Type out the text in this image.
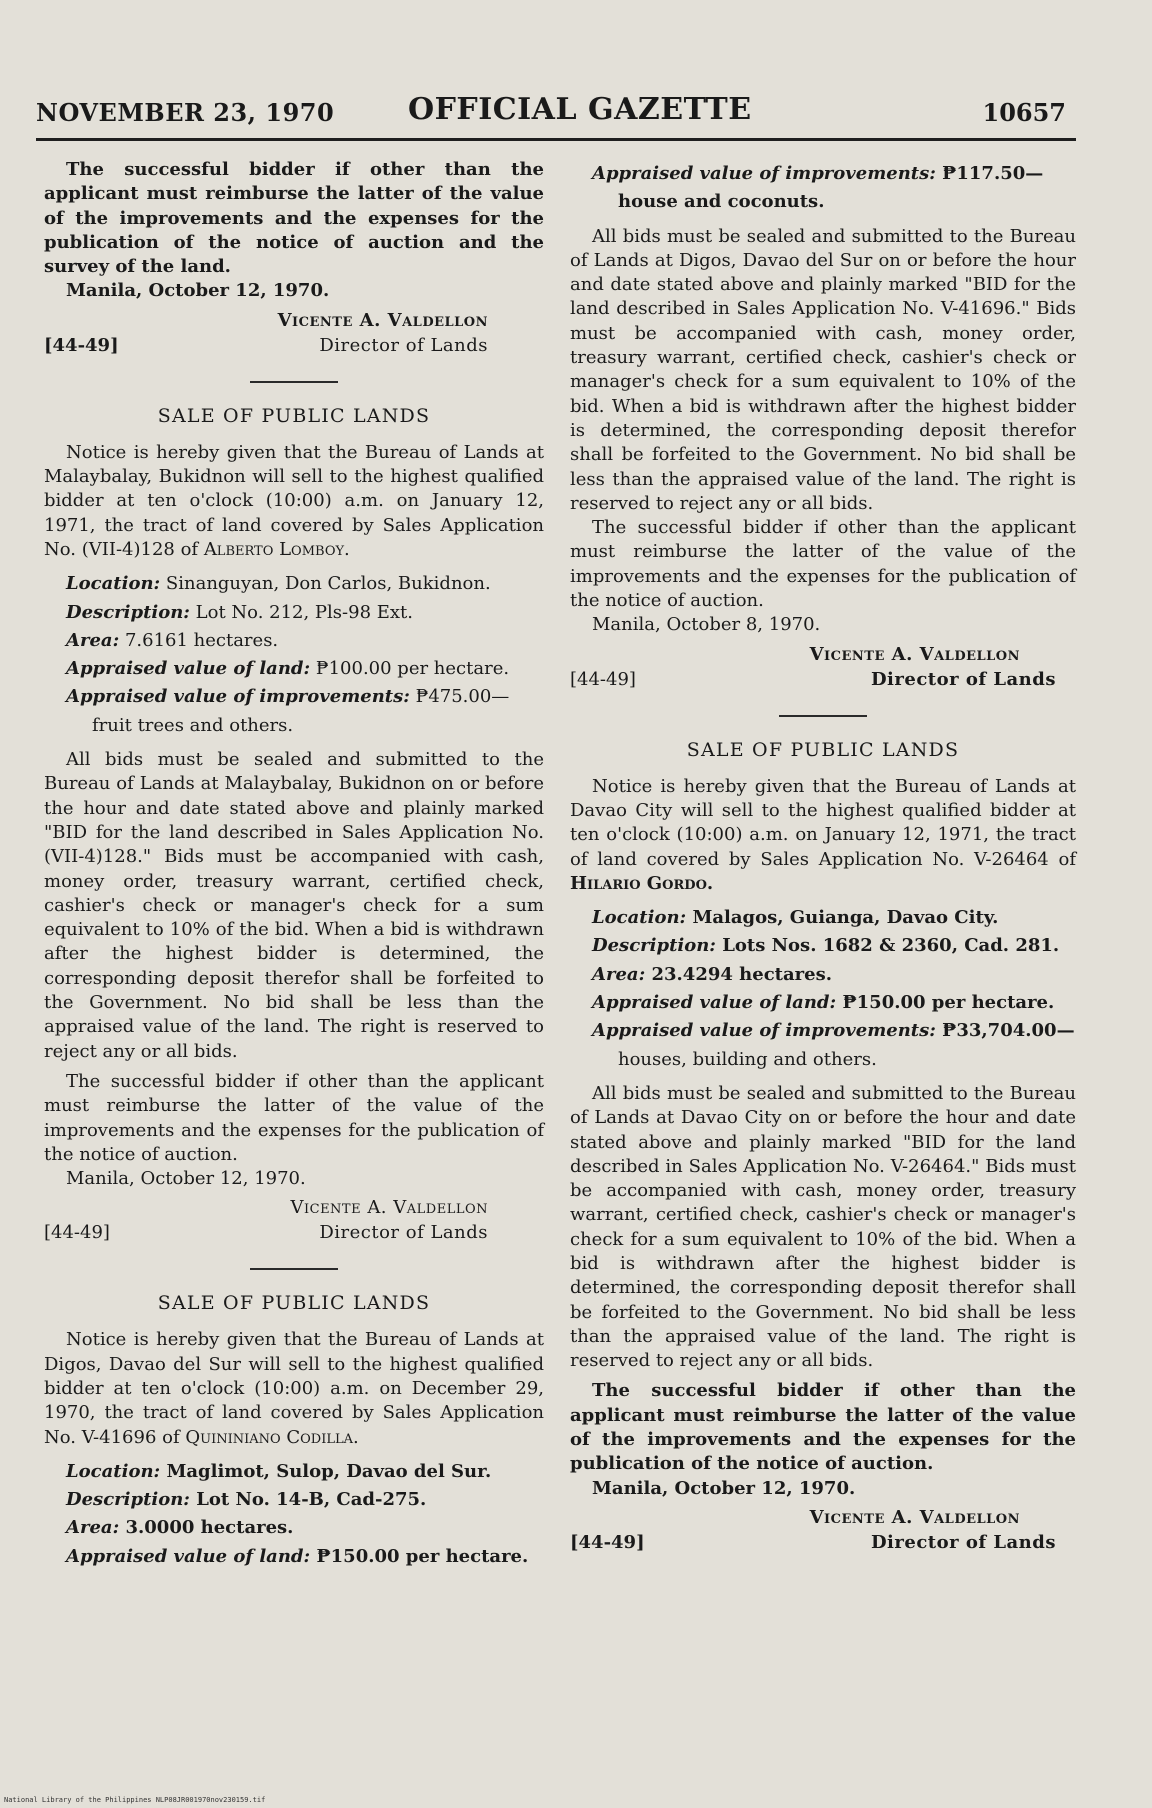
NOVEMBER 23, 1970 OFFICIAL GAZETTE	10657

The successful bidder if other than the applicant must reimburse the latter of the value of the improvements and the expenses for the publication of the notice of auction and the survey of the land.

Manila, October 12, 1970.

Vicente A. Valdellon
[44-49]	Director of Lands
SALE OF PUBLIC LANDS

Notice is hereby given that the Bureau of Lands at Malaybalay, Bukidnon will sell to the highest qualified bidder at ten o'clock (10:00) a.m. on January 12, 1971, the tract of land covered by Sales Application No. (VII-4)128 of Alberto Lomboy.

Location: Sinanguyan, Don Carlos, Bukidnon.

Description: Lot No. 212, Pls-98 Ext.

Area: 7.6161 hectares.

Appraised value of land: ₱100.00 per hectare.

Appraised value of improvements: ₱475.00—

fruit trees and others.

All bids must be sealed and submitted to the Bureau of Lands at Malaybalay, Bukidnon on or before the hour and date stated above and plainly marked "BID for the land described in Sales Application No. (VII-4)128." Bids must be accompanied with cash, money order, treasury warrant, certified check, cashier's check or manager's check for a sum equivalent to 10% of the bid. When a bid is withdrawn after the highest bidder is determined, the corresponding deposit therefor shall be forfeited to the Government. No bid shall be less than the appraised value of the land. The right is reserved to reject any or all bids.

The successful bidder if other than the applicant must reimburse the latter of the value of the improvements and the expenses for the publication of the notice of auction.

Manila, October 12, 1970.

Vicente A. Valdellon
[44-49]	Director of Lands
SALE OF PUBLIC LANDS

Notice is hereby given that the Bureau of Lands at Digos, Davao del Sur will sell to the highest qualified bidder at ten o'clock (10:00) a.m. on December 29, 1970, the tract of land covered by Sales Application No. V-41696 of Quininiano Codilla.

Location: Maglimot, Sulop, Davao del Sur.

Description: Lot No. 14-B, Cad-275.

Area: 3.0000 hectares.

Appraised value of land: ₱150.00 per hectare.

Appraised value of improvements: ₱117.50—

house and coconuts.

All bids must be sealed and submitted to the Bureau of Lands at Digos, Davao del Sur on or before the hour and date stated above and plainly marked "BID for the land described in Sales Application No. V-41696." Bids must be accompanied with cash, money order, treasury warrant, certified check, cashier's check or manager's check for a sum equivalent to 10% of the bid. When a bid is withdrawn after the highest bidder is determined, the corresponding deposit therefor shall be forfeited to the Government. No bid shall be less than the appraised value of the land. The right is reserved to reject any or all bids.

The successful bidder if other than the applicant must reimburse the latter of the value of the improvements and the expenses for the publication of the notice of auction.

Manila, October 8, 1970.

Vicente A. Valdellon
[44-49]	Director of Lands
SALE OF PUBLIC LANDS

Notice is hereby given that the Bureau of Lands at Davao City will sell to the highest qualified bidder at ten o'clock (10:00) a.m. on January 12, 1971, the tract of land covered by Sales Application No. V-26464 of Hilario Gordo.

Location: Malagos, Guianga, Davao City.

Description: Lots Nos. 1682 & 2360, Cad. 281.

Area: 23.4294 hectares.

Appraised value of land: ₱150.00 per hectare.

Appraised value of improvements: ₱33,704.00—

houses, building and others.

All bids must be sealed and submitted to the Bureau of Lands at Davao City on or before the hour and date stated above and plainly marked "BID for the land described in Sales Application No. V-26464." Bids must be accompanied with cash, money order, treasury warrant, certified check, cashier's check or manager's check for a sum equivalent to 10% of the bid. When a bid is withdrawn after the highest bidder is determined, the corresponding deposit therefor shall be forfeited to the Government. No bid shall be less than the appraised value of the land. The right is reserved to reject any or all bids.

The successful bidder if other than the applicant must reimburse the latter of the value of the improvements and the expenses for the publication of the notice of auction.

Manila, October 12, 1970.

Vicente A. Valdellon
[44-49]	Director of Lands
National Library of the Philippines NLP08JR001970nov230159.tif
